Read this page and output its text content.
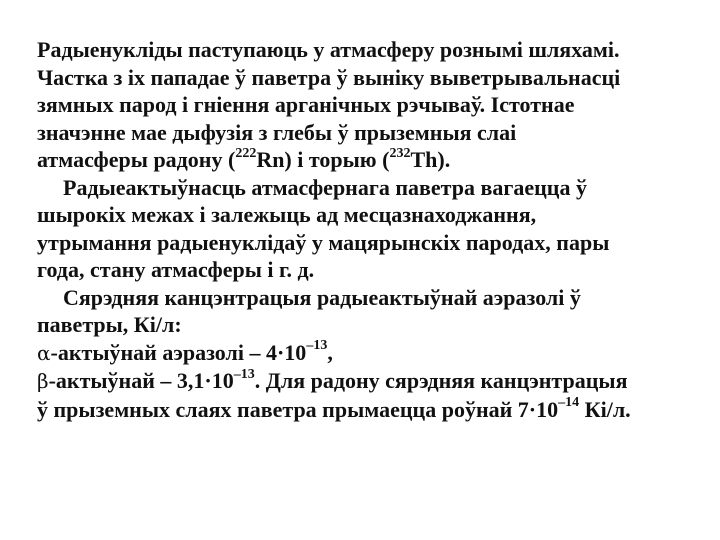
Радыенукліды паступаюць у атмасферу рознымі шляхамі.
Частка з іх пападае ў паветра ў выніку выветрывальнасці
зямных парод і гніення арганічных рэчываў. Істотнае
значэнне мае дыфузія з глебы ў прыземныя слаі
атмасферы радону ($^{222}$Rn) і торыю ($^{232}$Th).
Радыеактыўнасць атмасфернага паветра вагаецца ў
шырокіх межах і залежыць ад месцазнаходжання,
утрымання радыенуклідаў у мацярынскіх пародах, пары
года, стану атмасферы і г. д.
Сярэдняя канцэнтрацыя радыеактыўнай аэразолі ў
паветры, Кі/л:
α-актыўнай аэразолі – $4\cdot 10^{-13}$,
β-актыўнай – $3,1\cdot 10^{-13}$. Для радону сярэдняя канцэнтрацыя
ў прыземных слаях паветра прымаецца роўнай $7\cdot 10^{-14}$ Кі/л.
